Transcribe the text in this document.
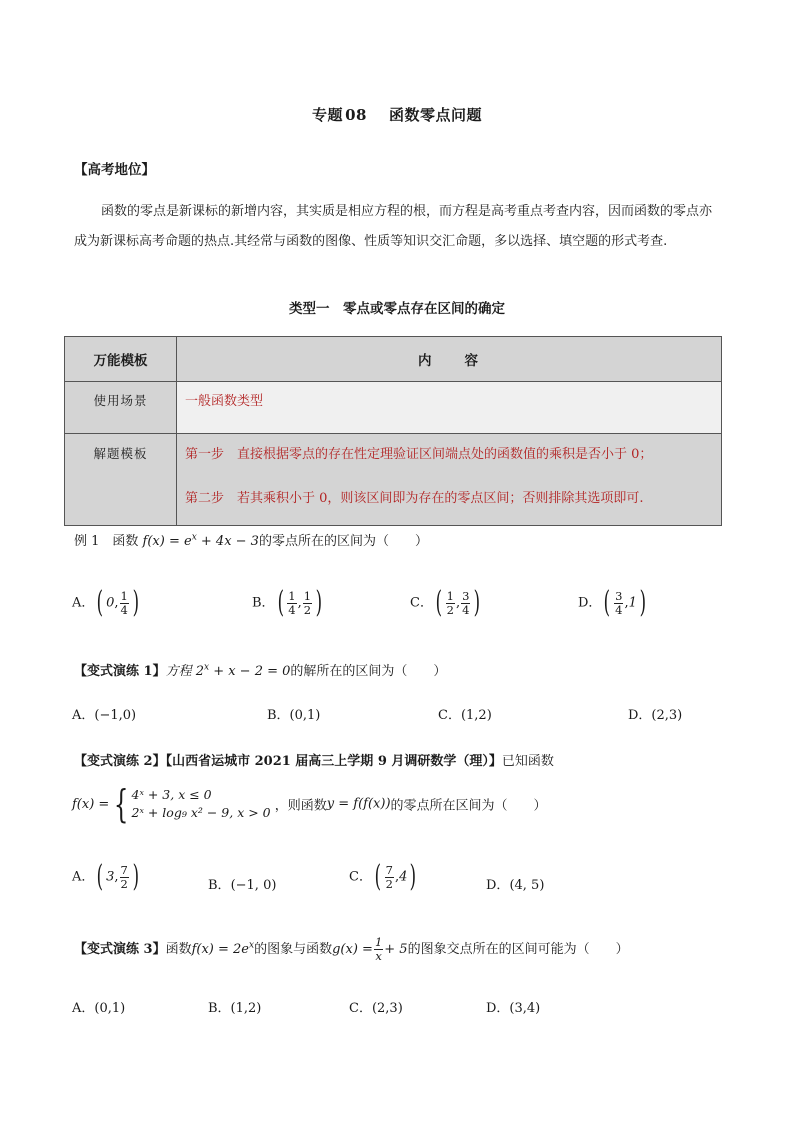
专题 08 函数零点问题
【高考地位】
函数的零点是新课标的新增内容，其实质是相应方程的根，而方程是高考重点考查内容，因而函数的零点亦成为新课标高考命题的热点.其经常与函数的图像、性质等知识交汇命题，多以选择、填空题的形式考查.
类型一　零点或零点存在区间的确定
万能模板	内　　容
使用场景	一般函数类型
解题模板	第一步　直接根据零点的存在性定理验证区间端点处的函数值的乘积是否小于 0；
第二步　若其乘积小于 0，则该区间即为存在的零点区间；否则排除其选项即可.
例 1　函数 $f(x) = e^x + 4x - 3$的零点所在的区间为（　　）
A．( 0, $\frac{1}{4}$ )	B．( $\frac{1}{4}$ , $\frac{1}{2}$ )	C．( $\frac{1}{2}$ , $\frac{3}{4}$ )	D．( $\frac{3}{4} ,1$)
【变式演练 1】方程 $2^x + x - 2 = 0$的解所在的区间为（　　）
A．(−1,0)	B．(0,1)	C．(1,2)	D．(2,3)
【变式演练 2】【山西省运城市 2021 届高三上学期 9 月调研数学（理）】已知函数
f(x) = { 4ˣ + 3, x ≤ 0
2ˣ + log₉ x² − 9, x > 0 ，则函数y = f(f(x))的零点所在区间为（　　）
A．( 3, $\frac{7}{2}$ )	B．(−1, 0)
C．( $\frac{7}{2} ,4$)	D．(4, 5)
【变式演练 3】函数$f(x) = 2e^x$的图象与函数$g(x) = \frac{1}{x} + 5$的图象交点所在的区间可能为（　　）
A．(0,1)	B．(1,2)	C．(2,3)	D．(3,4)
